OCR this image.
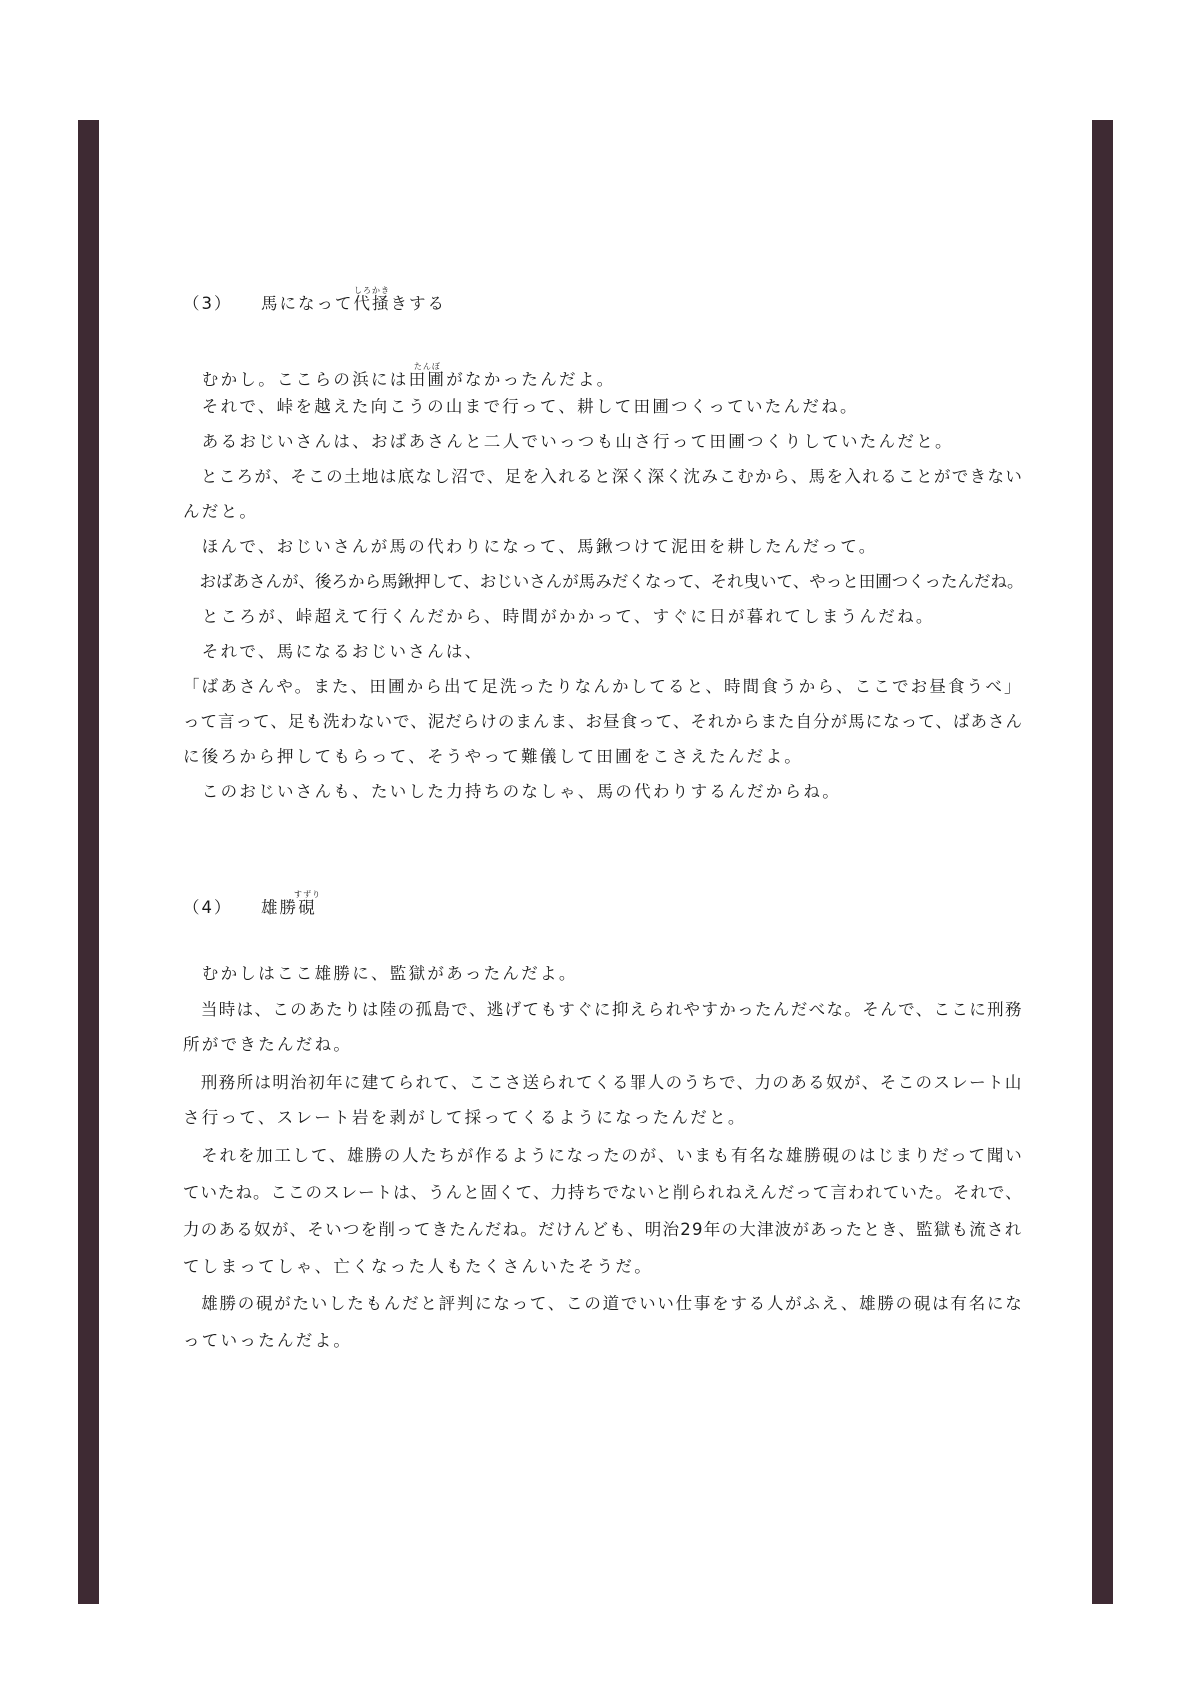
（3） 馬になって代掻しろかききする
　むかし。ここらの浜には田圃たんぼがなかったんだよ。
　それで、峠を越えた向こうの山まで行って、耕して田圃つくっていたんだね。
　あるおじいさんは、おばあさんと二人でいっつも山さ行って田圃つくりしていたんだと。
　ところが、そこの土地は底なし沼で、足を入れると深く深く沈みこむから、馬を入れることができない
んだと。
　ほんで、おじいさんが馬の代わりになって、馬鍬つけて泥田を耕したんだって。
　おばあさんが、後ろから馬鍬押して、おじいさんが馬みだくなって、それ曳いて、やっと田圃つくったんだね。
　ところが、峠超えて行くんだから、時間がかかって、すぐに日が暮れてしまうんだね。
　それで、馬になるおじいさんは、
「ばあさんや。また、田圃から出て足洗ったりなんかしてると、時間食うから、ここでお昼食うべ」
って言って、足も洗わないで、泥だらけのまんま、お昼食って、それからまた自分が馬になって、ばあさん
に後ろから押してもらって、そうやって難儀して田圃をこさえたんだよ。
　このおじいさんも、たいした力持ちのなしゃ、馬の代わりするんだからね。
（4） 雄勝硯すずり
　むかしはここ雄勝に、監獄があったんだよ。
　当時は、このあたりは陸の孤島で、逃げてもすぐに抑えられやすかったんだべな。そんで、ここに刑務
所ができたんだね。
　刑務所は明治初年に建てられて、ここさ送られてくる罪人のうちで、力のある奴が、そこのスレート山
さ行って、スレート岩を剥がして採ってくるようになったんだと。
　それを加工して、雄勝の人たちが作るようになったのが、いまも有名な雄勝硯のはじまりだって聞い
ていたね。ここのスレートは、うんと固くて、力持ちでないと削られねえんだって言われていた。それで、
力のある奴が、そいつを削ってきたんだね。だけんども、明治29年の大津波があったとき、監獄も流され
てしまってしゃ、亡くなった人もたくさんいたそうだ。
　雄勝の硯がたいしたもんだと評判になって、この道でいい仕事をする人がふえ、雄勝の硯は有名にな
っていったんだよ。
